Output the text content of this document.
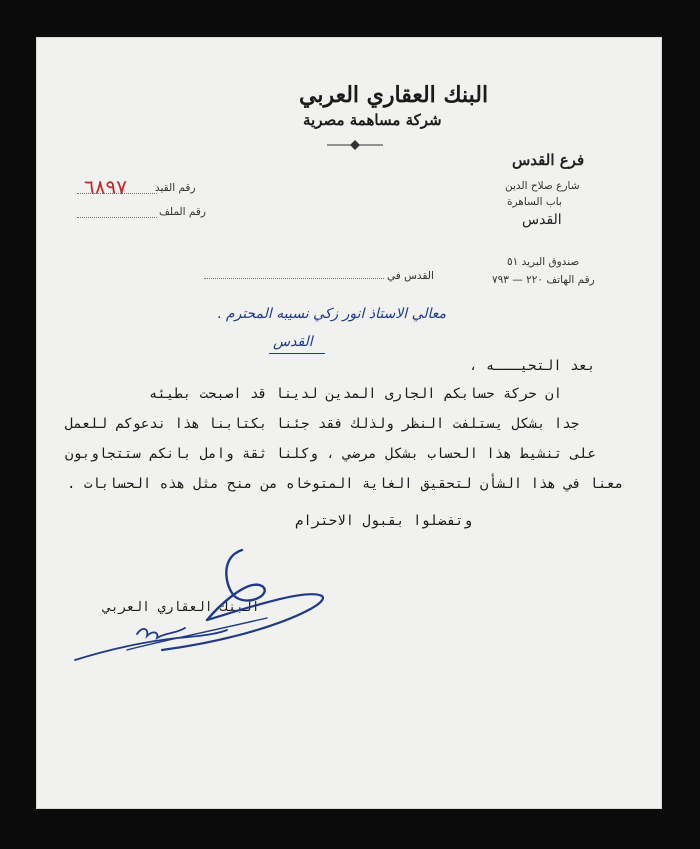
البنك العقاري العربي
شركة مساهمة مصرية
فرع القدس
شارع صلاح الدين
باب الساهرة
القدس
صندوق البريد ٥١
رقم الهاتف ٢٢٠ — ٧٩٣
٦٨٩٧	رقم القيد
رقم الملف
القدس في
معالي الاستاذ انور زكي نسيبه المحترم .
القدس
بعد التحيـــه ،
ان حركة حسابكم الجارى المدين لدينا قد اصبحت بطيئه
جدا بشكل يستلفت النظر ولذلك فقد جئنا بكتابنا هذا ندعوكم للعمل
على تنشيط هذا الحساب بشكل مرضي ، وكلنا ثقة وامل بانكم ستتجاوبون
معنا في هذا الشأن لتحقيق الغاية المتوخاه من منح مثل هذه الحسابات .
وتفضلوا بقبول الاحترام
البنك العقاري العربي
